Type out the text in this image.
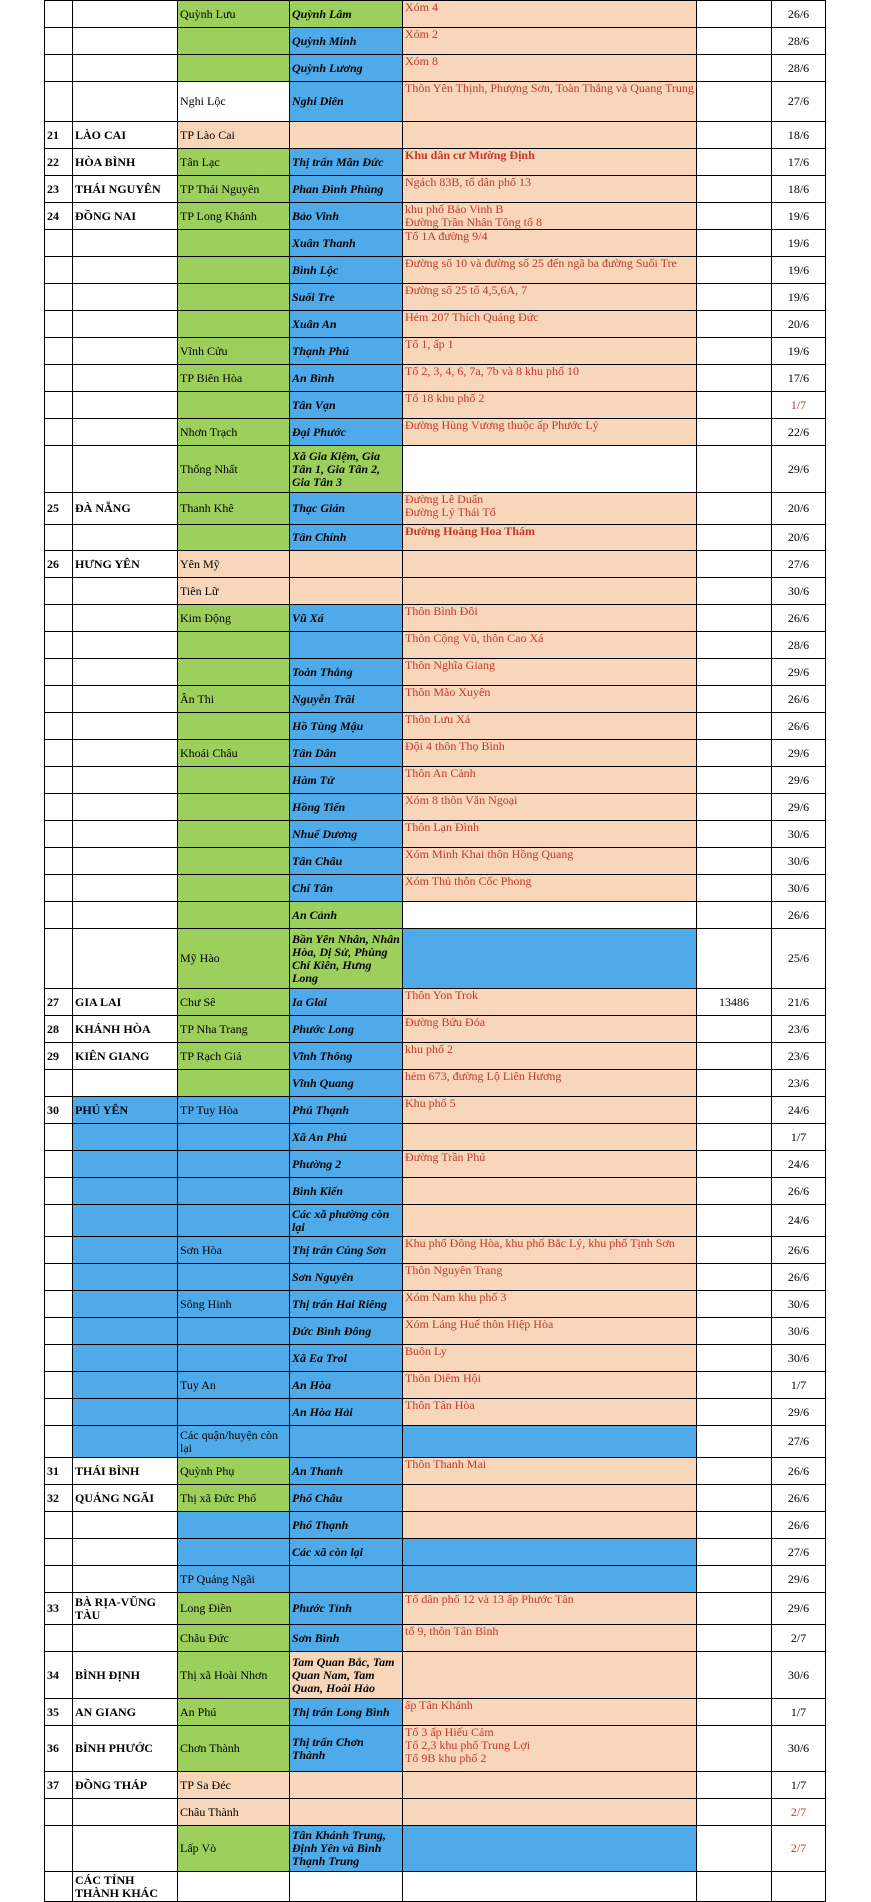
		Quỳnh Lưu	Quỳnh Lâm	Xóm 4		26/6
			Quỳnh Minh	Xóm 2		28/6
			Quỳnh Lương	Xóm 8		28/6
		Nghi Lộc	Nghi Diên	Thôn Yên Thịnh, Phượng Sơn, Toàn Thắng và Quang Trung		27/6
21	LÀO CAI	TP Lào Cai				18/6
22	HÒA BÌNH	Tân Lạc	Thị trấn Mãn Đức	Khu dân cư Mường Định		17/6
23	THÁI NGUYÊN	TP Thái Nguyên	Phan Đình Phùng	Ngách 83B, tổ dân phố 13		18/6
24	ĐỒNG NAI	TP Long Khánh	Bảo Vinh	khu phố Bảo Vinh B
Đường Trần Nhân Tông tổ 8		19/6
			Xuân Thanh	Tổ 1A đường 9/4		19/6
			Bình Lộc	Đường số 10 và đường số 25 đến ngã ba đường Suối Tre		19/6
			Suối Tre	Đường số 25 tổ 4,5,6A, 7		19/6
			Xuân An	Hẻm 207 Thích Quảng Đức		20/6
		Vĩnh Cửu	Thạnh Phú	Tổ 1, ấp 1		19/6
		TP Biên Hòa	An Bình	Tổ 2, 3, 4, 6, 7a, 7b và 8 khu phố 10		17/6
			Tân Vạn	Tổ 18 khu phố 2		1/7
		Nhơn Trạch	Đại Phước	Đường Hùng Vương thuộc ấp Phước Lý		22/6
		Thống Nhất	Xã Gia Kiệm, Gia Tân 1, Gia Tân 2, Gia Tân 3			29/6
25	ĐÀ NẴNG	Thanh Khê	Thạc Gián	Đường Lê Duẩn
Đường Lý Thái Tổ		20/6
			Tân Chính	Đường Hoàng Hoa Thám		20/6
26	HƯNG YÊN	Yên Mỹ				27/6
		Tiên Lữ				30/6
		Kim Động	Vũ Xá	Thôn Bình Đôi		26/6
				Thôn Cộng Vũ, thôn Cao Xá		28/6
			Toàn Thắng	Thôn Nghĩa Giang		29/6
		Ân Thi	Nguyễn Trãi	Thôn Mão Xuyên		26/6
			Hồ Tùng Mậu	Thôn Lưu Xá		26/6
		Khoái Châu	Tân Dân	Đội 4 thôn Thọ Bình		29/6
			Hàm Tử	Thôn An Cảnh		29/6
			Hồng Tiến	Xóm 8 thôn Văn Ngoại		29/6
			Nhuế Dương	Thôn Lạn Đình		30/6
			Tân Châu	Xóm Minh Khai thôn Hồng Quang		30/6
			Chí Tân	Xóm Thủ thôn Cốc Phong		30/6
			An Cảnh			26/6
		Mỹ Hào	Bần Yên Nhân, Nhân Hòa, Dị Sử, Phùng Chí Kiên, Hưng Long			25/6
27	GIA LAI	Chư Sê	Ia Glai	Thôn Yon Trok	13486	21/6
28	KHÁNH HÒA	TP Nha Trang	Phước Long	Đường Bửu Đóa		23/6
29	KIÊN GIANG	TP Rạch Giá	Vĩnh Thông	khu phố 2		23/6
			Vĩnh Quang	hẻm 673, đường Lộ Liên Hương		23/6
30	PHÚ YÊN	TP Tuy Hòa	Phú Thạnh	Khu phố 5		24/6
			Xã An Phú			1/7
			Phường 2	Đường Trần Phú		24/6
			Bình Kiến			26/6
			Các xã phường còn lại			24/6
		Sơn Hòa	Thị trấn Củng Sơn	Khu phố Đông Hòa, khu phố Bắc Lý, khu phố Tịnh Sơn		26/6
			Sơn Nguyên	Thôn Nguyên Trang		26/6
		Sông Hinh	Thị trấn Hai Riêng	Xóm Nam khu phố 3		30/6
			Đức Bình Đông	Xóm Láng Huế thôn Hiệp Hòa		30/6
			Xã Ea Trol	Buôn Ly		30/6
		Tuy An	An Hòa	Thôn Diêm Hội		1/7
			An Hòa Hải	Thôn Tân Hòa		29/6
		Các quận/huyện còn lại				27/6
31	THÁI BÌNH	Quỳnh Phụ	An Thanh	Thôn Thanh Mai		26/6
32	QUẢNG NGÃI	Thị xã Đức Phổ	Phổ Châu			26/6
			Phổ Thạnh			26/6
			Các xã còn lại			27/6
		TP Quảng Ngãi				29/6
33	BÀ RỊA-VŨNG TÀU	Long Điền	Phước Tỉnh	Tổ dân phố 12 và 13 ấp Phước Tân		29/6
		Châu Đức	Sơn Bình	tổ 9, thôn Tân Bình		2/7
34	BÌNH ĐỊNH	Thị xã Hoài Nhơn	Tam Quan Bắc, Tam Quan Nam, Tam Quan, Hoài Hảo			30/6
35	AN GIANG	An Phú	Thị trấn Long Bình	ấp Tân Khánh		1/7
36	BÌNH PHƯỚC	Chơn Thành	Thị trấn Chơn Thành	Tổ 3 ấp Hiếu Cảm
Tổ 2,3 khu phố Trung Lợi
Tổ 9B khu phố 2		30/6
37	ĐỒNG THÁP	TP Sa Đéc				1/7
		Châu Thành				2/7
		Lấp Vò	Tân Khánh Trung, Định Yên và Bình Thạnh Trung			2/7
	CÁC TỈNH THÀNH KHÁC					
